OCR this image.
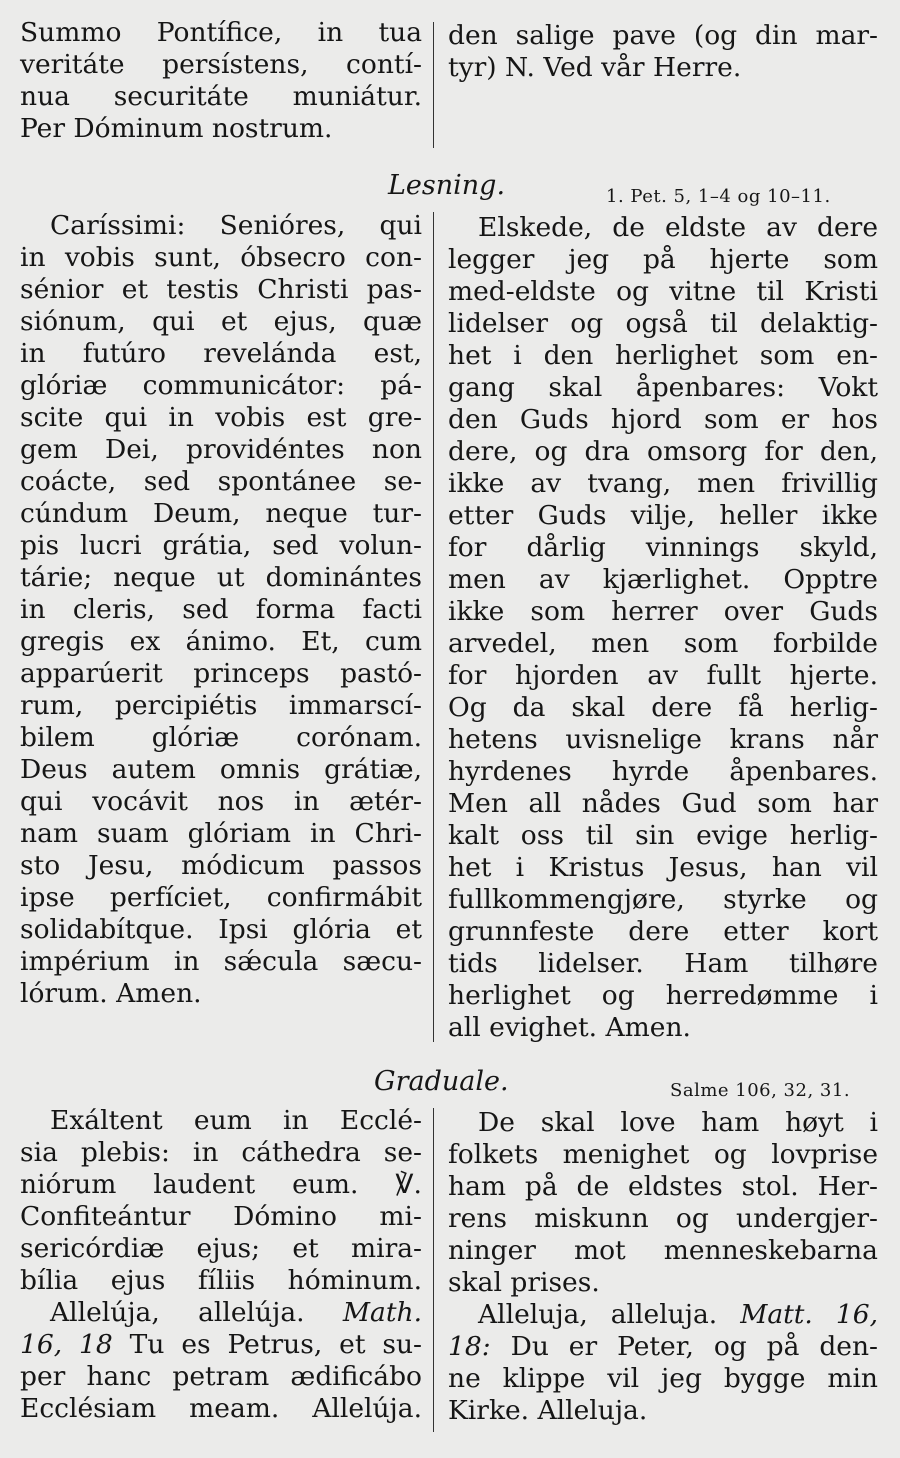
Summo Pontífice, in tua
veritáte persístens, contí-
nua securitáte muniátur.
Per Dóminum nostrum.
den salige pave (og din mar-
tyr) N. Ved vår Herre.
Lesning.	1. Pet. 5, 1–4 og 10–11.
Caríssimi: Senióres, qui
in vobis sunt, óbsecro con-
sénior et testis Christi pas-
siónum, qui et ejus, quæ
in futúro revelánda est,
glóriæ communicátor: pá-
scite qui in vobis est gre-
gem Dei, providéntes non
coácte, sed spontánee se-
cúndum Deum, neque tur-
pis lucri grátia, sed volun-
tárie; neque ut dominántes
in cleris, sed forma facti
gregis ex ánimo. Et, cum
apparúerit princeps pastó-
rum, percipiétis immarscí-
bilem glóriæ corónam.
Deus autem omnis grátiæ,
qui vocávit nos in ætér-
nam suam glóriam in Chri-
sto Jesu, módicum passos
ipse perfíciet, confirmábit
solidabítque. Ipsi glória et
impérium in sǽcula sæcu-
lórum. Amen.
Elskede, de eldste av dere
legger jeg på hjerte som
med-eldste og vitne til Kristi
lidelser og også til delaktig-
het i den herlighet som en-
gang skal åpenbares: Vokt
den Guds hjord som er hos
dere, og dra omsorg for den,
ikke av tvang, men frivillig
etter Guds vilje, heller ikke
for dårlig vinnings skyld,
men av kjærlighet. Opptre
ikke som herrer over Guds
arvedel, men som forbilde
for hjorden av fullt hjerte.
Og da skal dere få herlig-
hetens uvisnelige krans når
hyrdenes hyrde åpenbares.
Men all nådes Gud som har
kalt oss til sin evige herlig-
het i Kristus Jesus, han vil
fullkommengjøre, styrke og
grunnfeste dere etter kort
tids lidelser. Ham tilhøre
herlighet og herredømme i
all evighet. Amen.
Graduale.	Salme 106, 32, 31.
Exáltent eum in Ecclé-
sia plebis: in cáthedra se-
niórum laudent eum. ℣.
Confiteántur Dómino mi-
sericórdiæ ejus; et mira-
bília ejus fíliis hóminum.
Allelúja, allelúja. Math.
16, 18 Tu es Petrus, et su-
per hanc petram ædificábo
Ecclésiam meam. Allelúja.
De skal love ham høyt i
folkets menighet og lovprise
ham på de eldstes stol. Her-
rens miskunn og undergjer-
ninger mot menneskebarna
skal prises.
Alleluja, alleluja. Matt. 16,
18: Du er Peter, og på den-
ne klippe vil jeg bygge min
Kirke. Alleluja.
